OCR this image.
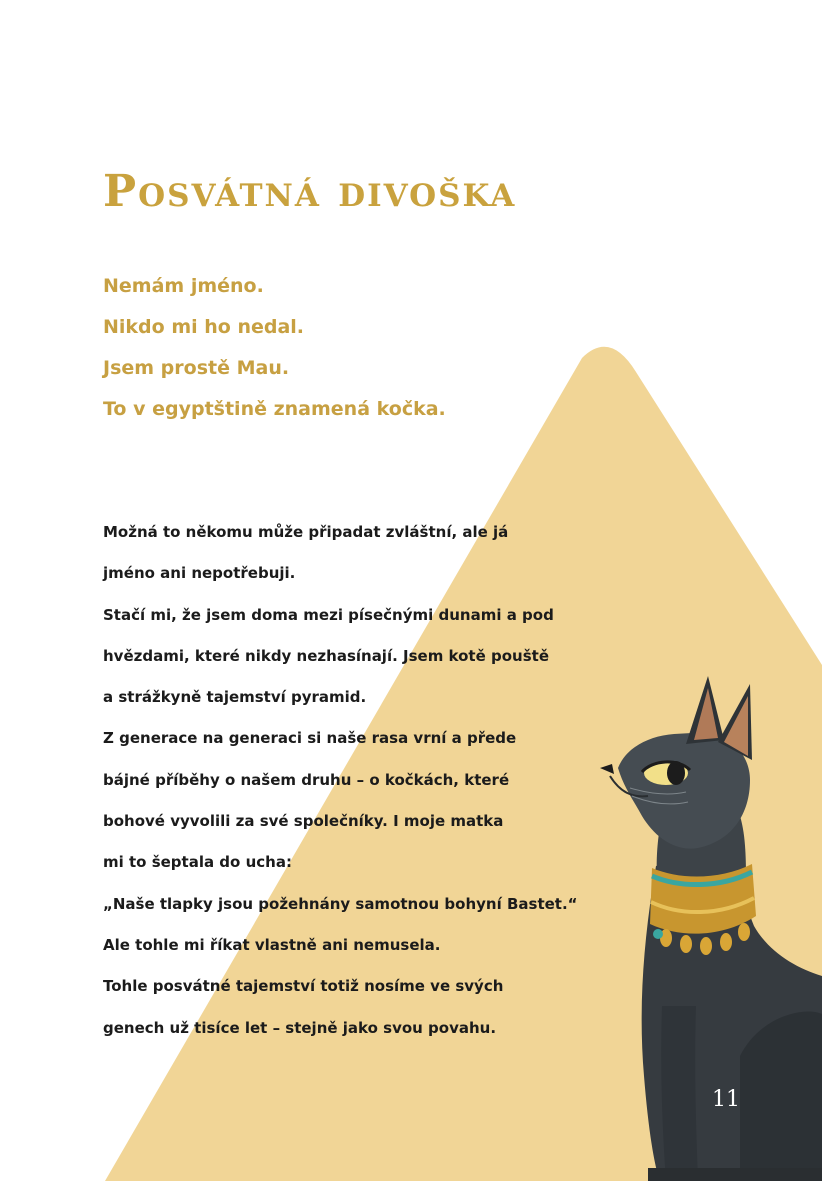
Posvátná divoška
Nemám jméno.
Nikdo mi ho nedal.
Jsem prostě Mau.
To v egyptštině znamená kočka.
Možná to někomu může připadat zvláštní, ale já
jméno ani nepotřebuji.
Stačí mi, že jsem doma mezi písečnými dunami a pod
hvězdami, které nikdy nezhasínají. Jsem kotě pouště
a strážkyně tajemství pyramid.
Z generace na generaci si naše rasa vrní a přede
bájné příběhy o našem druhu – o kočkách, které
bohové vyvolili za své společníky. I moje matka
mi to šeptala do ucha:
„Naše tlapky jsou požehnány samotnou bohyní Bastet.“
Ale tohle mi říkat vlastně ani nemusela.
Tohle posvátné tajemství totiž nosíme ve svých
genech už tisíce let – stejně jako svou povahu.
11
